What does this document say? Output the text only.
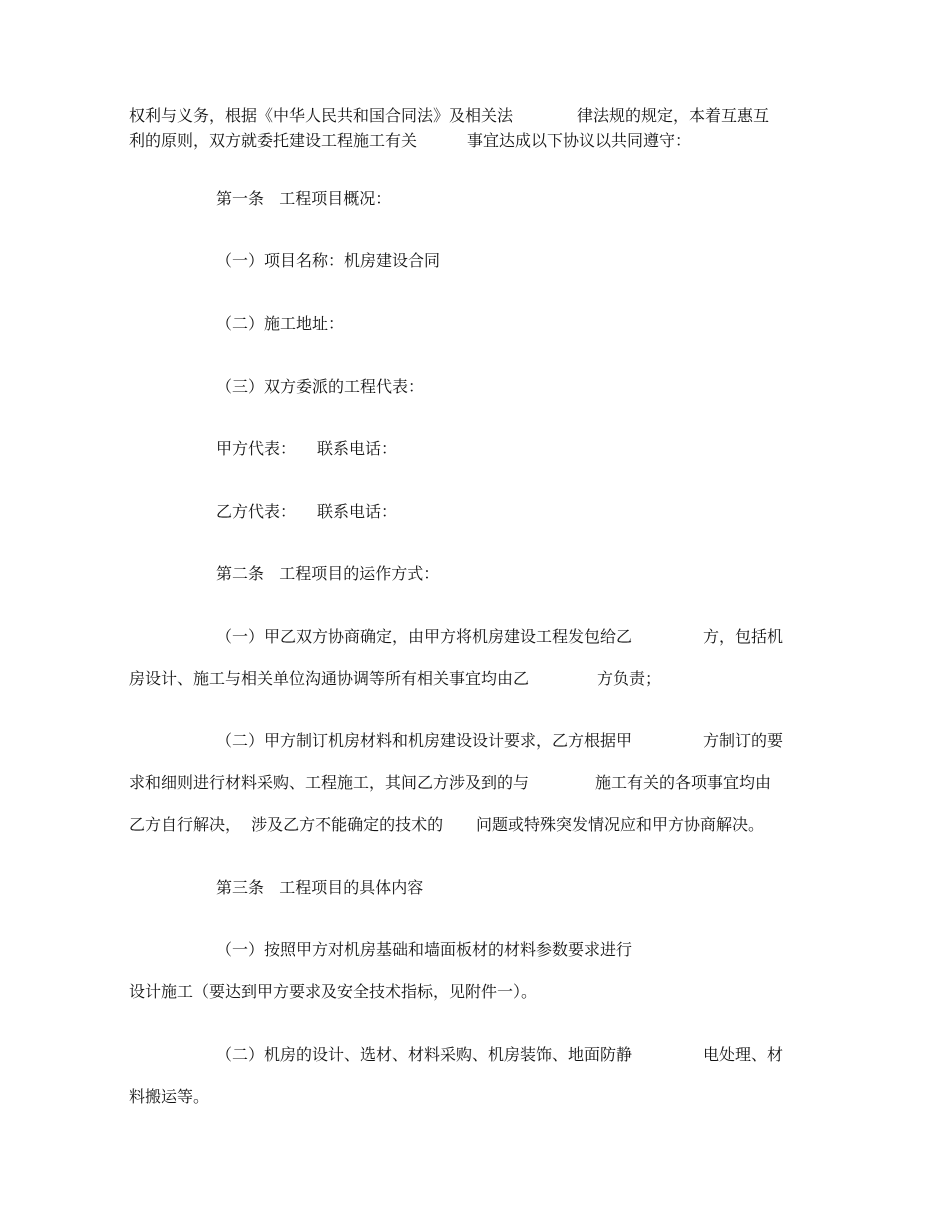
权利与义务，根据《中华人民共和国合同法》及相关法	律法规的规定，本着互惠互

利的原则，双方就委托建设工程施工有关	事宜达成以下协议以共同遵守：

第一条   工程项目概况：

（一）项目名称：机房建设合同

（二）施工地址：

（三）双方委派的工程代表：

甲方代表： 联系电话：

乙方代表： 联系电话：

第二条   工程项目的运作方式：

（一）甲乙双方协商确定，由甲方将机房建设工程发包给乙	方，包括机

房设计、施工与相关单位沟通协调等所有相关事宜均由乙	方负责；

（二）甲方制订机房材料和机房建设设计要求，乙方根据甲	方制订的要

求和细则进行材料采购、工程施工，其间乙方涉及到的与	施工有关的各项事宜均由

乙方自行解决，  涉及乙方不能确定的技术的 问题或特殊突发情况应和甲方协商解决。

第三条   工程项目的具体内容

（一）按照甲方对机房基础和墙面板材的材料参数要求进行

设计施工（要达到甲方要求及安全技术指标，见附件一）。

（二）机房的设计、选材、材料采购、机房装饰、地面防静	电处理、材

料搬运等。
